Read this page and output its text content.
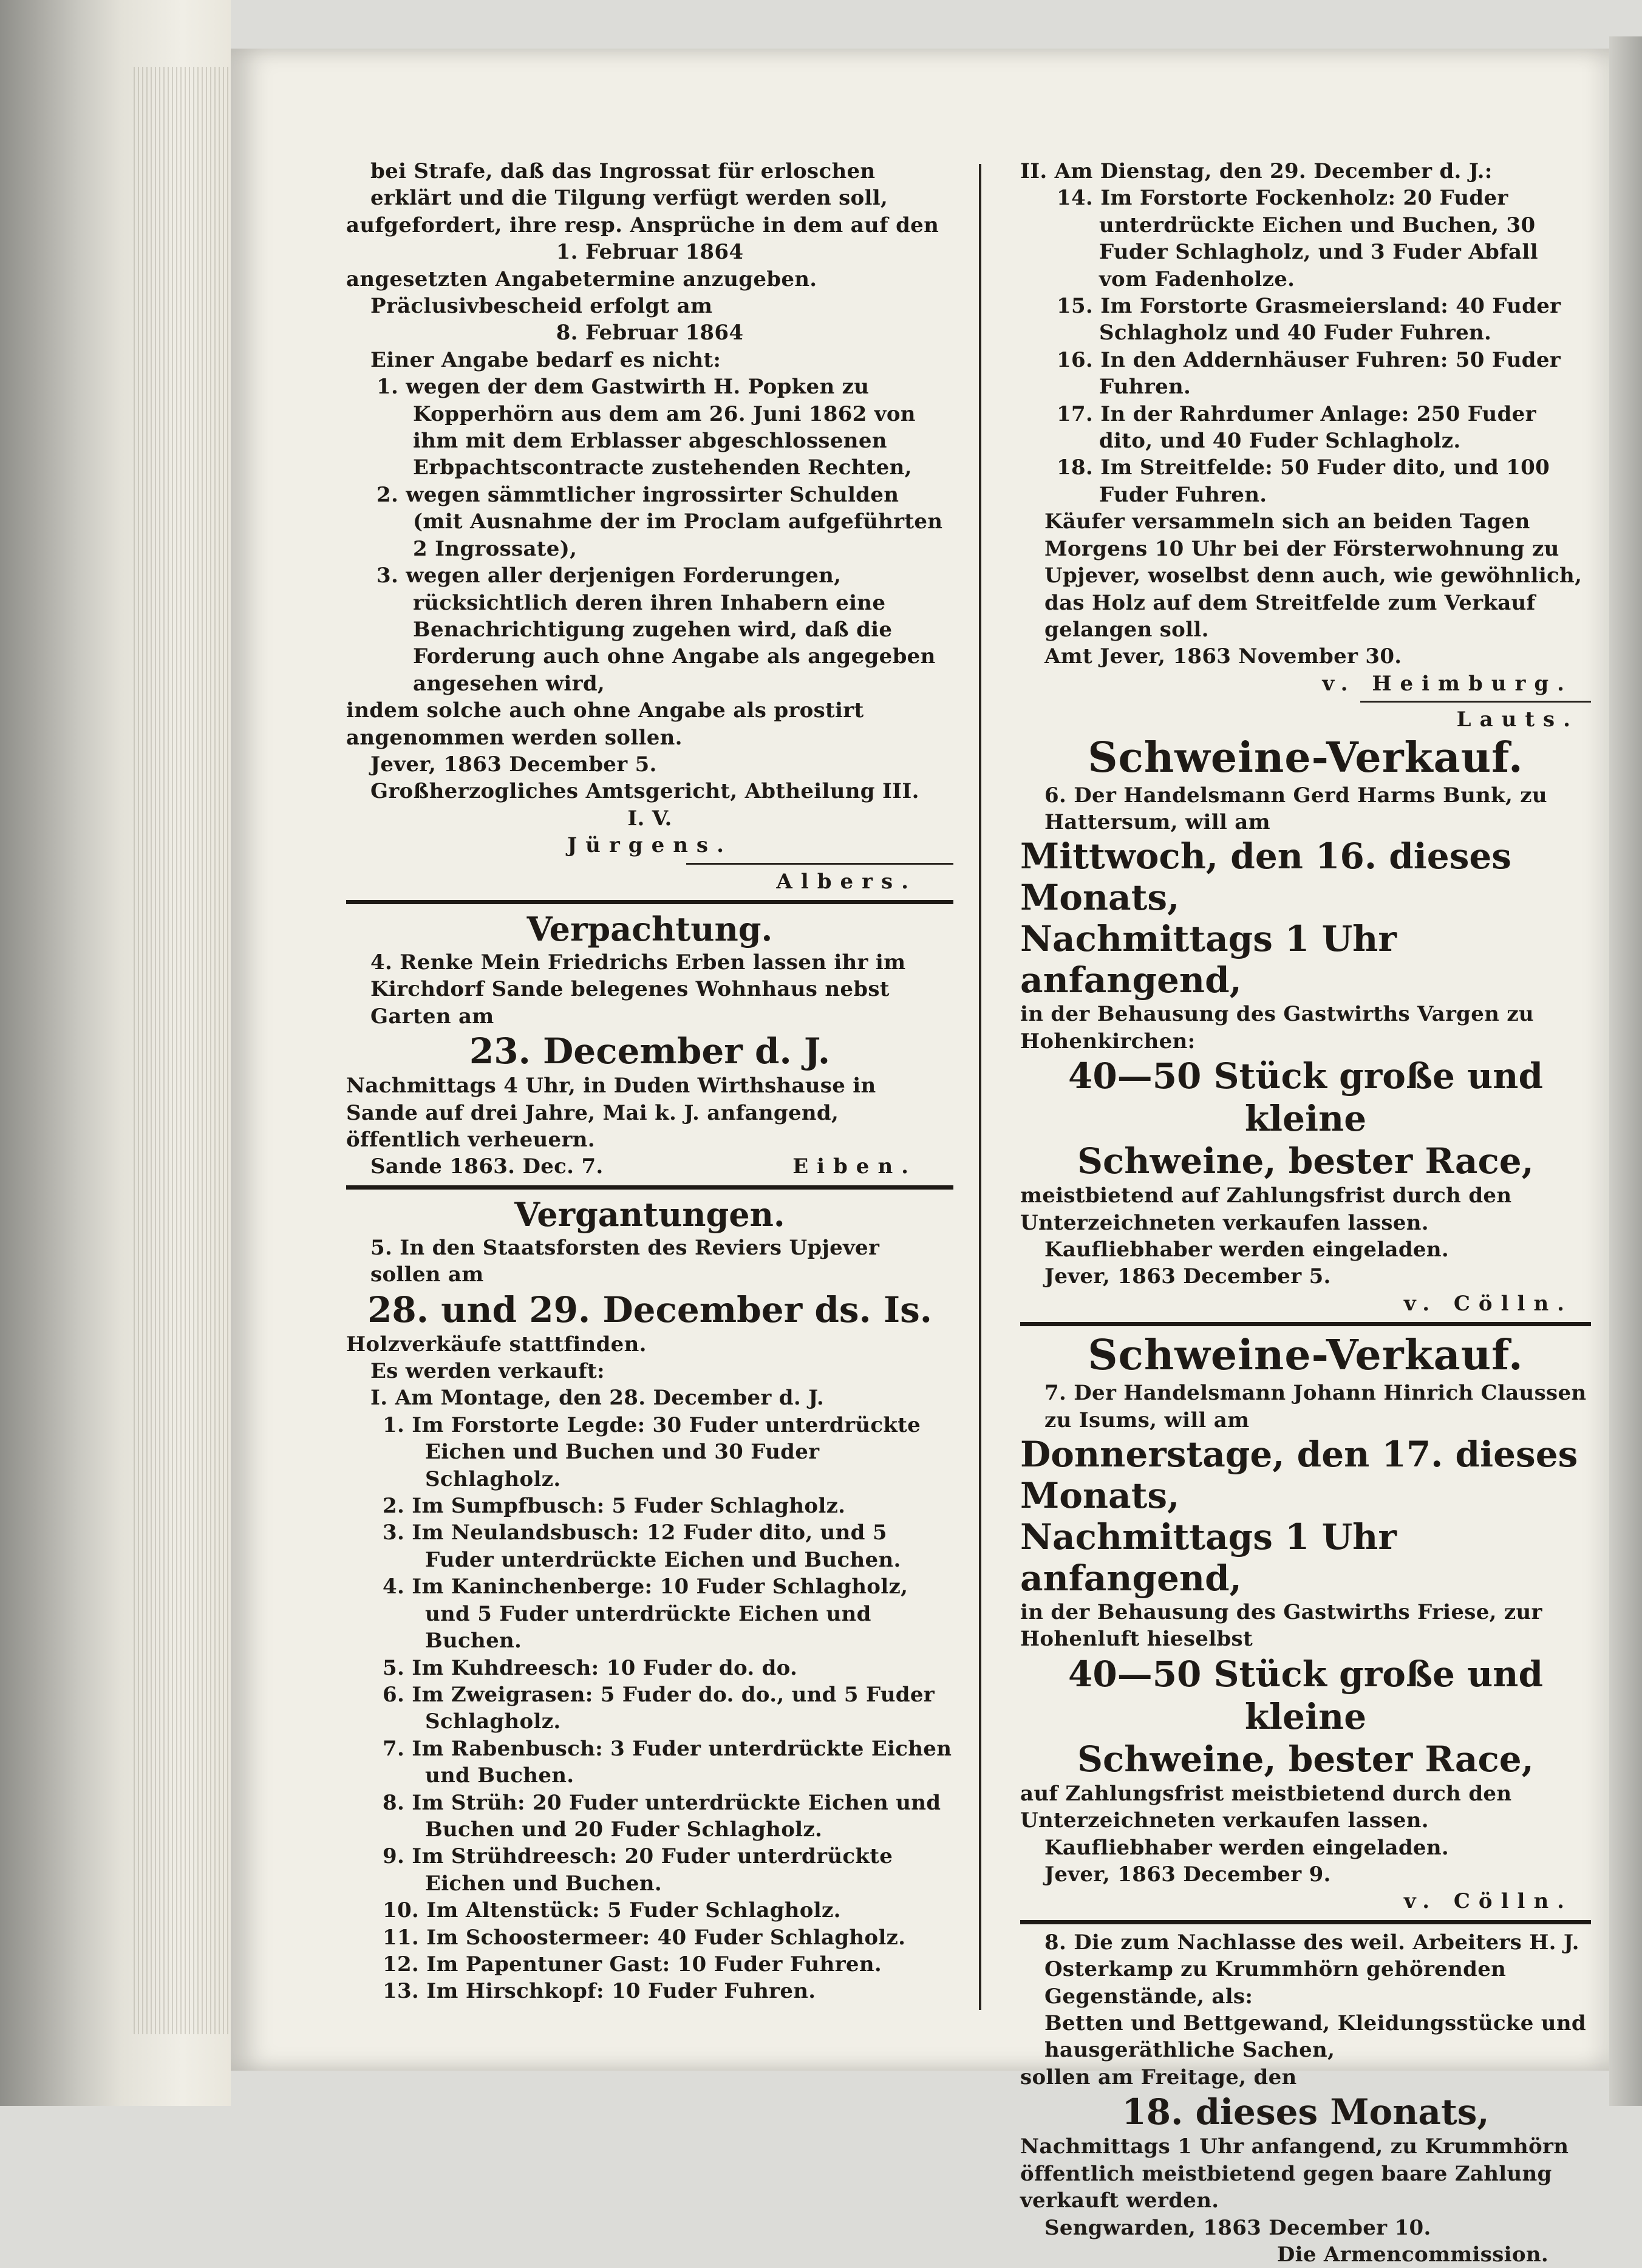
bei Strafe, daß das Ingrossat für erloschen
erklärt und die Tilgung verfügt werden soll,
aufgefordert, ihre resp. Ansprüche in dem auf den
1. Februar 1864
angesetzten Angabetermine anzugeben.
Präclusivbescheid erfolgt am
8. Februar 1864
Einer Angabe bedarf es nicht:
1. wegen der dem Gastwirth H. Popken zu Kopperhörn aus dem am 26. Juni 1862 von ihm mit dem Erblasser abgeschlossenen Erbpachtscontracte zustehenden Rechten,
2. wegen sämmtlicher ingrossirter Schulden (mit Ausnahme der im Proclam aufgeführten 2 Ingrossate),
3. wegen aller derjenigen Forderungen, rücksichtlich deren ihren Inhabern eine Benachrichtigung zugehen wird, daß die Forderung auch ohne Angabe als angegeben angesehen wird,
indem solche auch ohne Angabe als prostirt angenommen werden sollen.
Jever, 1863 December 5.
Großherzogliches Amtsgericht, Abtheilung III.
I. V.
Jürgens.
Albers.
Verpachtung.
4. Renke Mein Friedrichs Erben lassen ihr im Kirchdorf Sande belegenes Wohnhaus nebst Garten am
23. December d. J.
Nachmittags 4 Uhr, in Duden Wirthshause in Sande auf drei Jahre, Mai k. J. anfangend, öffentlich verheuern.
Sande 1863. Dec. 7.	Eiben.
Vergantungen.
5. In den Staatsforsten des Reviers Upjever sollen am
28. und 29. December ds. Is.
Holzverkäufe stattfinden.
Es werden verkauft:
I. Am Montage, den 28. December d. J.
1. Im Forstorte Legde: 30 Fuder unterdrückte Eichen und Buchen und 30 Fuder Schlagholz.
2. Im Sumpfbusch: 5 Fuder Schlagholz.
3. Im Neulandsbusch: 12 Fuder dito, und 5 Fuder unterdrückte Eichen und Buchen.
4. Im Kaninchenberge: 10 Fuder Schlagholz, und 5 Fuder unterdrückte Eichen und Buchen.
5. Im Kuhdreesch: 10 Fuder do. do.
6. Im Zweigrasen: 5 Fuder do. do., und 5 Fuder Schlagholz.
7. Im Rabenbusch: 3 Fuder unterdrückte Eichen und Buchen.
8. Im Strüh: 20 Fuder unterdrückte Eichen und Buchen und 20 Fuder Schlagholz.
9. Im Strühdreesch: 20 Fuder unterdrückte Eichen und Buchen.
10. Im Altenstück: 5 Fuder Schlagholz.
11. Im Schoostermeer: 40 Fuder Schlagholz.
12. Im Papentuner Gast: 10 Fuder Fuhren.
13. Im Hirschkopf: 10 Fuder Fuhren.
II. Am Dienstag, den 29. December d. J.:
14. Im Forstorte Fockenholz: 20 Fuder unterdrückte Eichen und Buchen, 30 Fuder Schlagholz, und 3 Fuder Abfall vom Fadenholze.
15. Im Forstorte Grasmeiersland: 40 Fuder Schlagholz und 40 Fuder Fuhren.
16. In den Addernhäuser Fuhren: 50 Fuder Fuhren.
17. In der Rahrdumer Anlage: 250 Fuder dito, und 40 Fuder Schlagholz.
18. Im Streitfelde: 50 Fuder dito, und 100 Fuder Fuhren.
Käufer versammeln sich an beiden Tagen Morgens 10 Uhr bei der Försterwohnung zu Upjever, woselbst denn auch, wie gewöhnlich, das Holz auf dem Streitfelde zum Verkauf gelangen soll.
Amt Jever, 1863 November 30.
v. Heimburg.
Lauts.
Schweine-Verkauf.
6. Der Handelsmann Gerd Harms Bunk, zu Hattersum, will am
Mittwoch, den 16. dieses Monats,
Nachmittags 1 Uhr anfangend,
in der Behausung des Gastwirths Vargen zu Hohenkirchen:
40—50 Stück große und kleine
Schweine, bester Race,
meistbietend auf Zahlungsfrist durch den Unterzeichneten verkaufen lassen.
Kaufliebhaber werden eingeladen.
Jever, 1863 December 5.
v. Cölln.
Schweine-Verkauf.
7. Der Handelsmann Johann Hinrich Claussen zu Isums, will am
Donnerstage, den 17. dieses Monats,
Nachmittags 1 Uhr anfangend,
in der Behausung des Gastwirths Friese, zur Hohenluft hieselbst
40—50 Stück große und kleine
Schweine, bester Race,
auf Zahlungsfrist meistbietend durch den Unterzeichneten verkaufen lassen.
Kaufliebhaber werden eingeladen.
Jever, 1863 December 9.
v. Cölln.
8. Die zum Nachlasse des weil. Arbeiters H. J. Osterkamp zu Krummhörn gehörenden Gegenstände, als:
Betten und Bettgewand, Kleidungsstücke und hausgeräthliche Sachen,
sollen am Freitage, den
18. dieses Monats,
Nachmittags 1 Uhr anfangend, zu Krummhörn öffentlich meistbietend gegen baare Zahlung verkauft werden.
Sengwarden, 1863 December 10.
Die Armencommission.
